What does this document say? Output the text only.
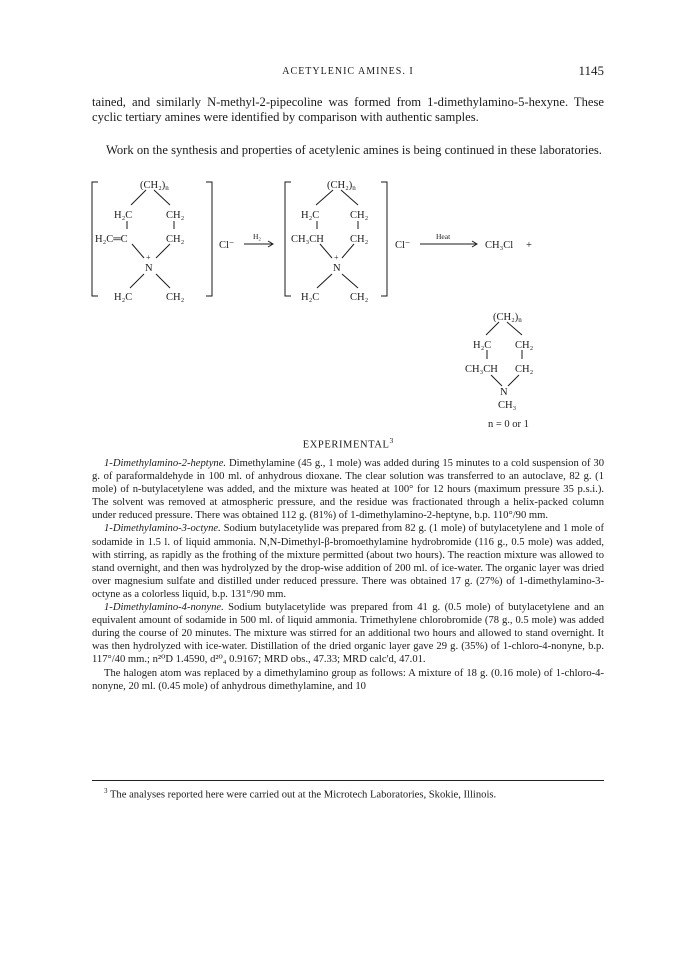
ACETYLENIC AMINES. I	1145
tained, and similarly N-methyl-2-pipecoline was formed from 1-dimethylamino-5-hexyne. These cyclic tertiary amines were identified by comparison with authentic samples.
Work on the synthesis and properties of acetylenic amines is being continued in these laboratories.
(CH₂)n
H₂C	CH₂
H₂C═C	CH₂
+
N
H₂C	CH₂
Cl⁻
H₂
(CH₂)n
H₂C	CH₂
CH₃CH CH₂
+
N
H₂C	CH₂
Cl⁻
Heat
CH₃Cl +
(CH₂)n
H₂C CH₂
CH₃CH CH₂
N
CH₃
n = 0 or 1
EXPERIMENTAL$^3$

1-Dimethylamino-2-heptyne. Dimethylamine (45 g., 1 mole) was added during 15 minutes to a cold suspension of 30 g. of paraformaldehyde in 100 ml. of anhydrous dioxane. The clear solution was transferred to an autoclave, 82 g. (1 mole) of n-butylacetylene was added, and the mixture was heated at 100° for 12 hours (maximum pressure 35 p.s.i.). The solvent was removed at atmospheric pressure, and the residue was fractionated through a helix-packed column under reduced pressure. There was obtained 112 g. (81%) of 1-dimethylamino-2-heptyne, b.p. 110°/90 mm.

1-Dimethylamino-3-octyne. Sodium butylacetylide was prepared from 82 g. (1 mole) of butylacetylene and 1 mole of sodamide in 1.5 l. of liquid ammonia. N,N-Dimethyl-β-bromoethylamine hydrobromide (116 g., 0.5 mole) was added, with stirring, as rapidly as the frothing of the mixture permitted (about two hours). The reaction mixture was allowed to stand overnight, and then was hydrolyzed by the drop-wise addition of 200 ml. of ice-water. The organic layer was dried over magnesium sulfate and distilled under reduced pressure. There was obtained 17 g. (27%) of 1-dimethylamino-3-octyne as a colorless liquid, b.p. 131°/90 mm.

1-Dimethylamino-4-nonyne. Sodium butylacetylide was prepared from 41 g. (0.5 mole) of butylacetylene and an equivalent amount of sodamide in 500 ml. of liquid ammonia. Trimethylene chlorobromide (78 g., 0.5 mole) was added during the course of 20 minutes. The mixture was stirred for an additional two hours and allowed to stand overnight. It was then hydrolyzed with ice-water. Distillation of the dried organic layer gave 29 g. (35%) of 1-chloro-4-nonyne, b.p. 117°/40 mm.; n²⁰D 1.4590, d²⁰₄ 0.9167; MRD obs., 47.33; MRD calc'd, 47.01.

The halogen atom was replaced by a dimethylamino group as follows: A mixture of 18 g. (0.16 mole) of 1-chloro-4-nonyne, 20 ml. (0.45 mole) of anhydrous dimethylamine, and 10

$^3$ The analyses reported here were carried out at the Microtech Laboratories, Skokie, Illinois.
